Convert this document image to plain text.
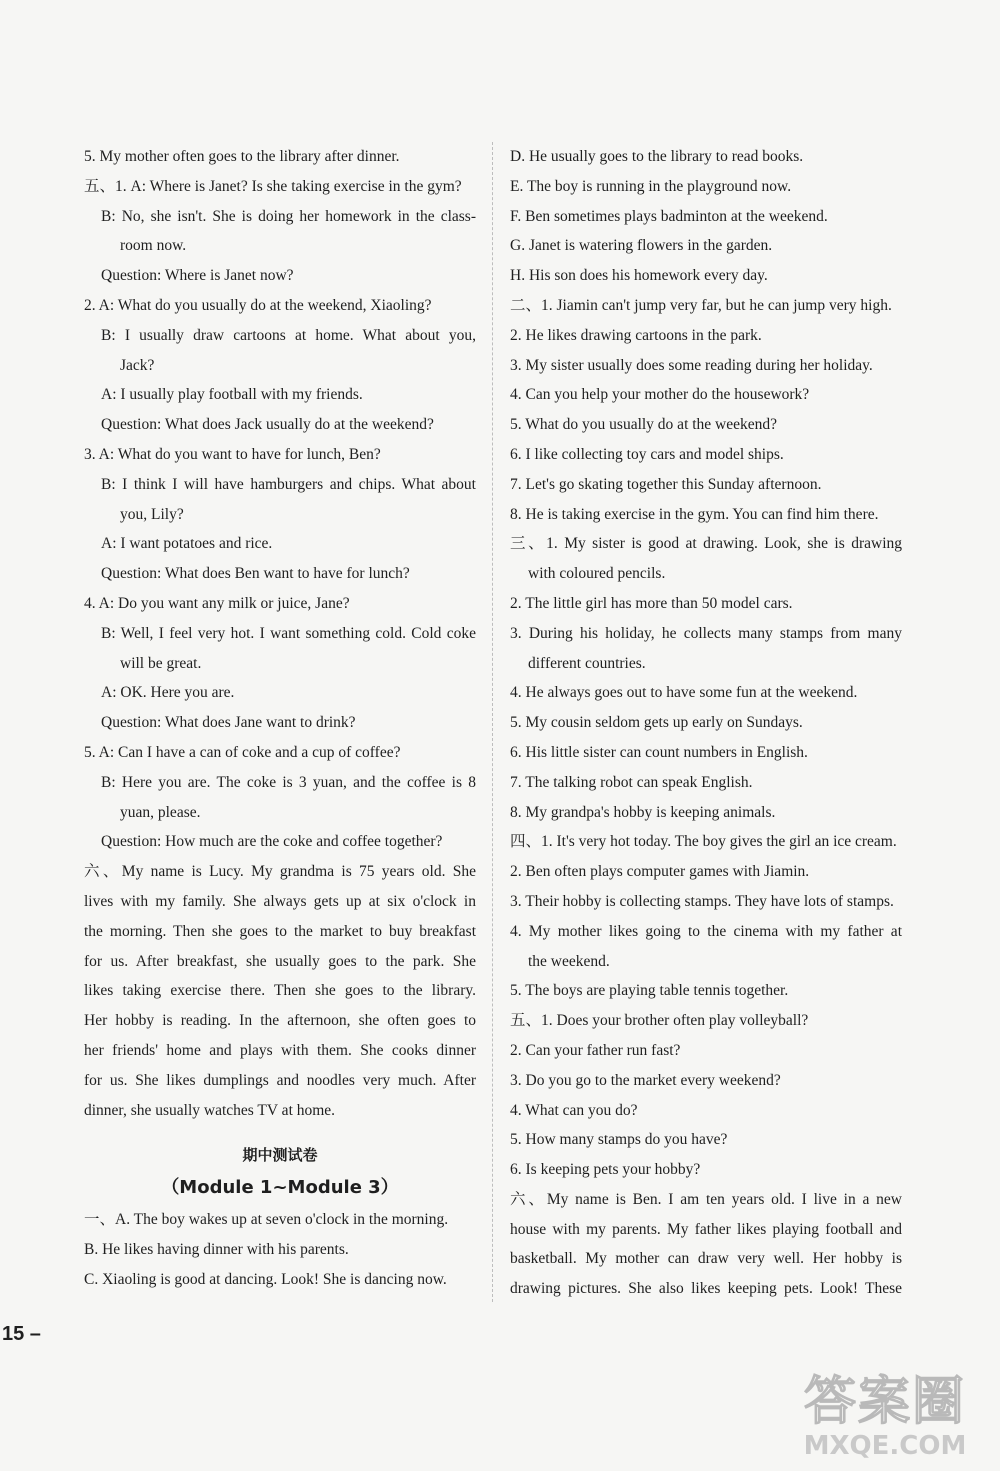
5. My mother often goes to the library after dinner.
五、1. A: Where is Janet? Is she taking exercise in the gym?
B: No, she isn't. She is doing her homework in the class-
room now.
Question: Where is Janet now?
2. A: What do you usually do at the weekend, Xiaoling?
B: I usually draw cartoons at home. What about you,
Jack?
A: I usually play football with my friends.
Question: What does Jack usually do at the weekend?
3. A: What do you want to have for lunch, Ben?
B: I think I will have hamburgers and chips. What about
you, Lily?
A: I want potatoes and rice.
Question: What does Ben want to have for lunch?
4. A: Do you want any milk or juice, Jane?
B: Well, I feel very hot. I want something cold. Cold coke
will be great.
A: OK. Here you are.
Question: What does Jane want to drink?
5. A: Can I have a can of coke and a cup of coffee?
B: Here you are. The coke is 3 yuan, and the coffee is 8
yuan, please.
Question: How much are the coke and coffee together?
六、My name is Lucy. My grandma is 75 years old. She
lives with my family. She always gets up at six o'clock in
the morning. Then she goes to the market to buy breakfast
for us. After breakfast, she usually goes to the park. She
likes taking exercise there. Then she goes to the library.
Her hobby is reading. In the afternoon, she often goes to
her friends' home and plays with them. She cooks dinner
for us. She likes dumplings and noodles very much. After
dinner, she usually watches TV at home.
期中测试卷
（Module 1~Module 3）
一、A. The boy wakes up at seven o'clock in the morning.
B. He likes having dinner with his parents.
C. Xiaoling is good at dancing. Look! She is dancing now.
D. He usually goes to the library to read books.
E. The boy is running in the playground now.
F. Ben sometimes plays badminton at the weekend.
G. Janet is watering flowers in the garden.
H. His son does his homework every day.
二、1. Jiamin can't jump very far, but he can jump very high.
2. He likes drawing cartoons in the park.
3. My sister usually does some reading during her holiday.
4. Can you help your mother do the housework?
5. What do you usually do at the weekend?
6. I like collecting toy cars and model ships.
7. Let's go skating together this Sunday afternoon.
8. He is taking exercise in the gym. You can find him there.
三、1. My sister is good at drawing. Look, she is drawing
with coloured pencils.
2. The little girl has more than 50 model cars.
3. During his holiday, he collects many stamps from many
different countries.
4. He always goes out to have some fun at the weekend.
5. My cousin seldom gets up early on Sundays.
6. His little sister can count numbers in English.
7. The talking robot can speak English.
8. My grandpa's hobby is keeping animals.
四、1. It's very hot today. The boy gives the girl an ice cream.
2. Ben often plays computer games with Jiamin.
3. Their hobby is collecting stamps. They have lots of stamps.
4. My mother likes going to the cinema with my father at
the weekend.
5. The boys are playing table tennis together.
五、1. Does your brother often play volleyball?
2. Can your father run fast?
3. Do you go to the market every weekend?
4. What can you do?
5. How many stamps do you have?
6. Is keeping pets your hobby?
六、My name is Ben. I am ten years old. I live in a new
house with my parents. My father likes playing football and
basketball. My mother can draw very well. Her hobby is
drawing pictures. She also likes keeping pets. Look! These
15 –
答案圈
MXQE.COM
